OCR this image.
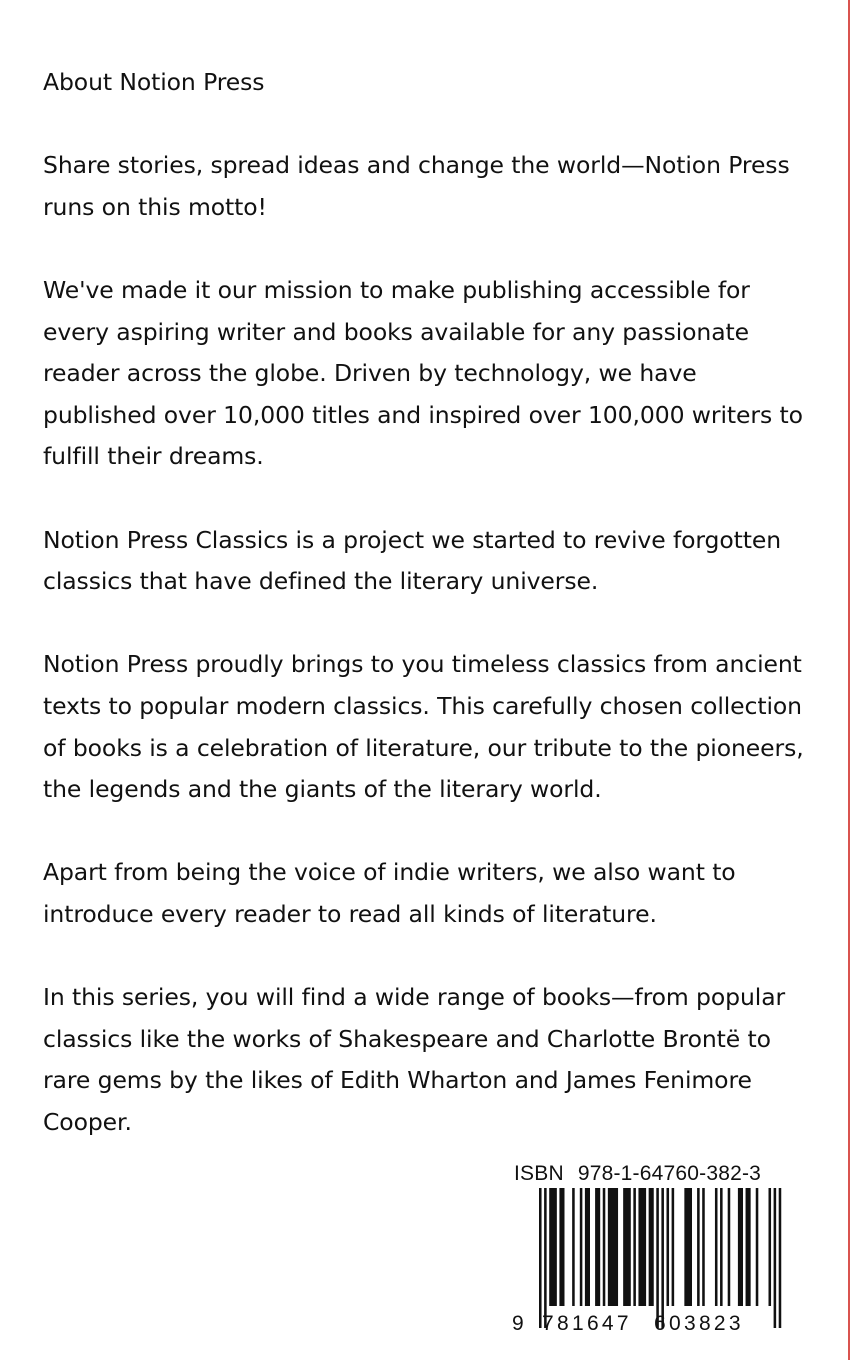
About Notion Press

Share stories, spread ideas and change the world—Notion Press runs on this motto!

We've made it our mission to make publishing accessible for every aspiring writer and books available for any passionate reader across the globe. Driven by technology, we have published over 10,000 titles and inspired over 100,000 writers to fulfill their dreams.

Notion Press Classics is a project we started to revive forgotten classics that have defined the literary universe.

Notion Press proudly brings to you timeless classics from ancient texts to popular modern classics. This carefully chosen collection of books is a celebration of literature, our tribute to the pioneers, the legends and the giants of the literary world.

Apart from being the voice of indie writers, we also want to introduce every reader to read all kinds of literature.

In this series, you will find a wide range of books—from popular classics like the works of Shakespeare and Charlotte Brontë to rare gems by the likes of Edith Wharton and James Fenimore Cooper.

ISBN 978-1-64760-382-3
9 781647 603823
